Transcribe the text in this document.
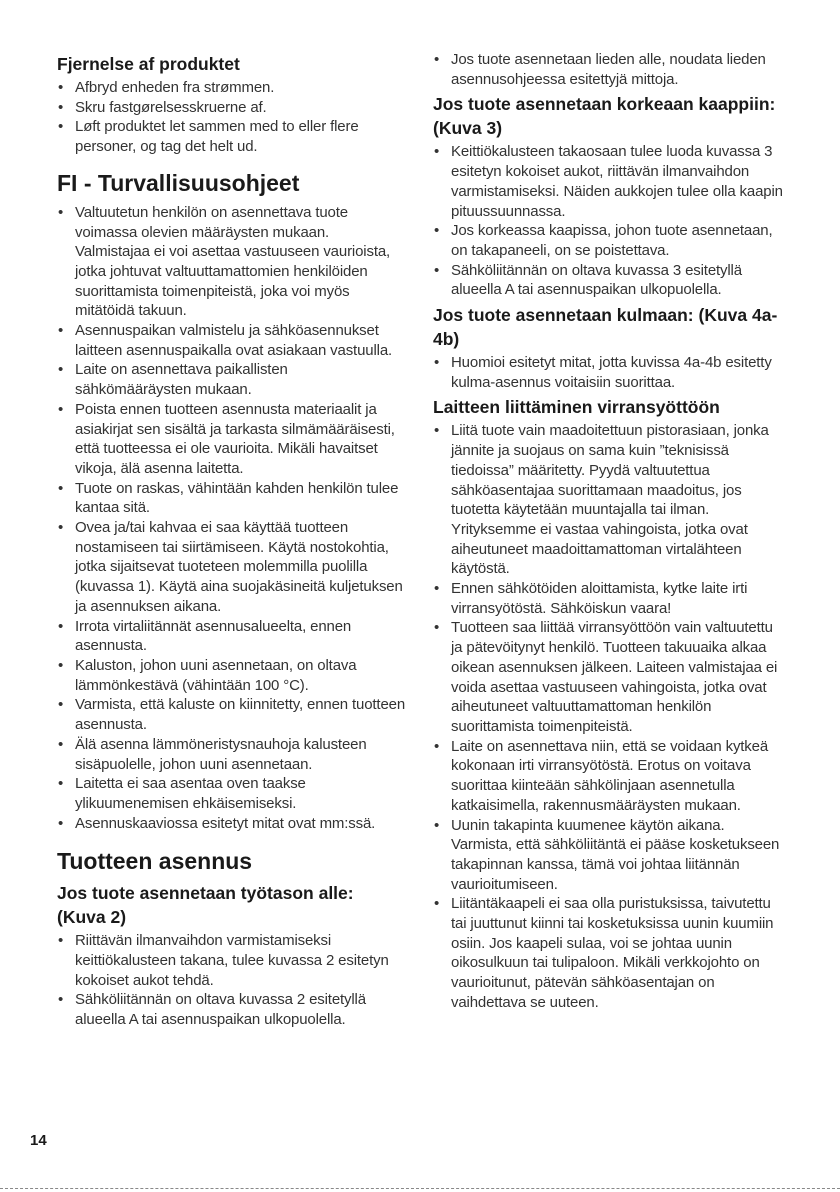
Fjernelse af produktet
• Afbryd enheden fra strømmen.
• Skru fastgørelsesskruerne af.
• Løft produktet let sammen med to eller flere personer, og tag det helt ud.
FI - Turvallisuusohjeet
• Valtuutetun henkilön on asennettava tuote voimassa olevien määräysten mukaan. Valmistajaa ei voi asettaa vastuuseen vaurioista, jotka johtuvat valtuuttamattomien henkilöiden suorittamista toimenpiteistä, joka voi myös mitätöidä takuun.
• Asennuspaikan valmistelu ja sähköasennukset laitteen asennuspaikalla ovat asiakaan vastuulla.
• Laite on asennettava paikallisten sähkömääräysten mukaan.
• Poista ennen tuotteen asennusta materiaalit ja asiakirjat sen sisältä ja tarkasta silmämääräisesti, että tuotteessa ei ole vaurioita. Mikäli havaitset vikoja, älä asenna laitetta.
• Tuote on raskas, vähintään kahden henkilön tulee kantaa sitä.
• Ovea ja/tai kahvaa ei saa käyttää tuotteen nostamiseen tai siirtämiseen. Käytä nostokohtia, jotka sijaitsevat tuoteteen molemmilla puolilla (kuvassa 1). Käytä aina suojakäsineitä kuljetuksen ja asennuksen aikana.
• Irrota virtaliitännät asennusalueelta, ennen asennusta.
• Kaluston, johon uuni asennetaan, on oltava lämmönkestävä (vähintään 100 °C).
• Varmista, että kaluste on kiinnitetty, ennen tuotteen asennusta.
• Älä asenna lämmöneristysnauhoja kalusteen sisäpuolelle, johon uuni asennetaan.
• Laitetta ei saa asentaa oven taakse ylikuumenemisen ehkäisemiseksi.
• Asennuskaaviossa esitetyt mitat ovat mm:ssä.
Tuotteen asennus
Jos tuote asennetaan työtason alle: (Kuva 2)
• Riittävän ilmanvaihdon varmistamiseksi keittiökalusteen takana, tulee kuvassa 2 esitetyn kokoiset aukot tehdä.
• Sähköliitännän on oltava kuvassa 2 esitetyllä alueella A tai asennuspaikan ulkopuolella.
• Jos tuote asennetaan lieden alle, noudata lieden asennusohjeessa esitettyjä mittoja.
Jos tuote asennetaan korkeaan kaappiin: (Kuva 3)
• Keittiökalusteen takaosaan tulee luoda kuvassa 3 esitetyn kokoiset aukot, riittävän ilmanvaihdon varmistamiseksi. Näiden aukkojen tulee olla kaapin pituussuunnassa.
• Jos korkeassa kaapissa, johon tuote asennetaan, on takapaneeli, on se poistettava.
• Sähköliitännän on oltava kuvassa 3 esitetyllä alueella A tai asennuspaikan ulkopuolella.
Jos tuote asennetaan kulmaan: (Kuva 4a-4b)
• Huomioi esitetyt mitat, jotta kuvissa 4a-4b esitetty kulma-asennus voitaisiin suorittaa.
Laitteen liittäminen virransyöttöön
• Liitä tuote vain maadoitettuun pistorasiaan, jonka jännite ja suojaus on sama kuin ”teknisissä tiedoissa” määritetty. Pyydä valtuutettua sähköasentajaa suorittamaan maadoitus, jos tuotetta käytetään muuntajalla tai ilman. Yrityksemme ei vastaa vahingoista, jotka ovat aiheutuneet maadoittamattoman virtalähteen käytöstä.
• Ennen sähkötöiden aloittamista, kytke laite irti virransyötöstä. Sähköiskun vaara!
• Tuotteen saa liittää virransyöttöön vain valtuutettu ja pätevöitynyt henkilö. Tuotteen takuuaika alkaa oikean asennuksen jälkeen. Laiteen valmistajaa ei voida asettaa vastuuseen vahingoista, jotka ovat aiheutuneet valtuuttamattoman henkilön suorittamista toimenpiteistä.
• Laite on asennettava niin, että se voidaan kytkeä kokonaan irti virransyötöstä. Erotus on voitava suorittaa kiinteään sähkölinjaan asennetulla katkaisimella, rakennusmääräysten mukaan.
• Uunin takapinta kuumenee käytön aikana. Varmista, että sähköliitäntä ei pääse kosketukseen takapinnan kanssa, tämä voi johtaa liitännän vaurioitumiseen.
• Liitäntäkaapeli ei saa olla puristuksissa, taivutettu tai juuttunut kiinni tai kosketuksissa uunin kuumiin osiin. Jos kaapeli sulaa, voi se johtaa uunin oikosulkuun tai tulipaloon. Mikäli verkkojohto on vaurioitunut, pätevän sähköasentajan on vaihdettava se uuteen.
14
